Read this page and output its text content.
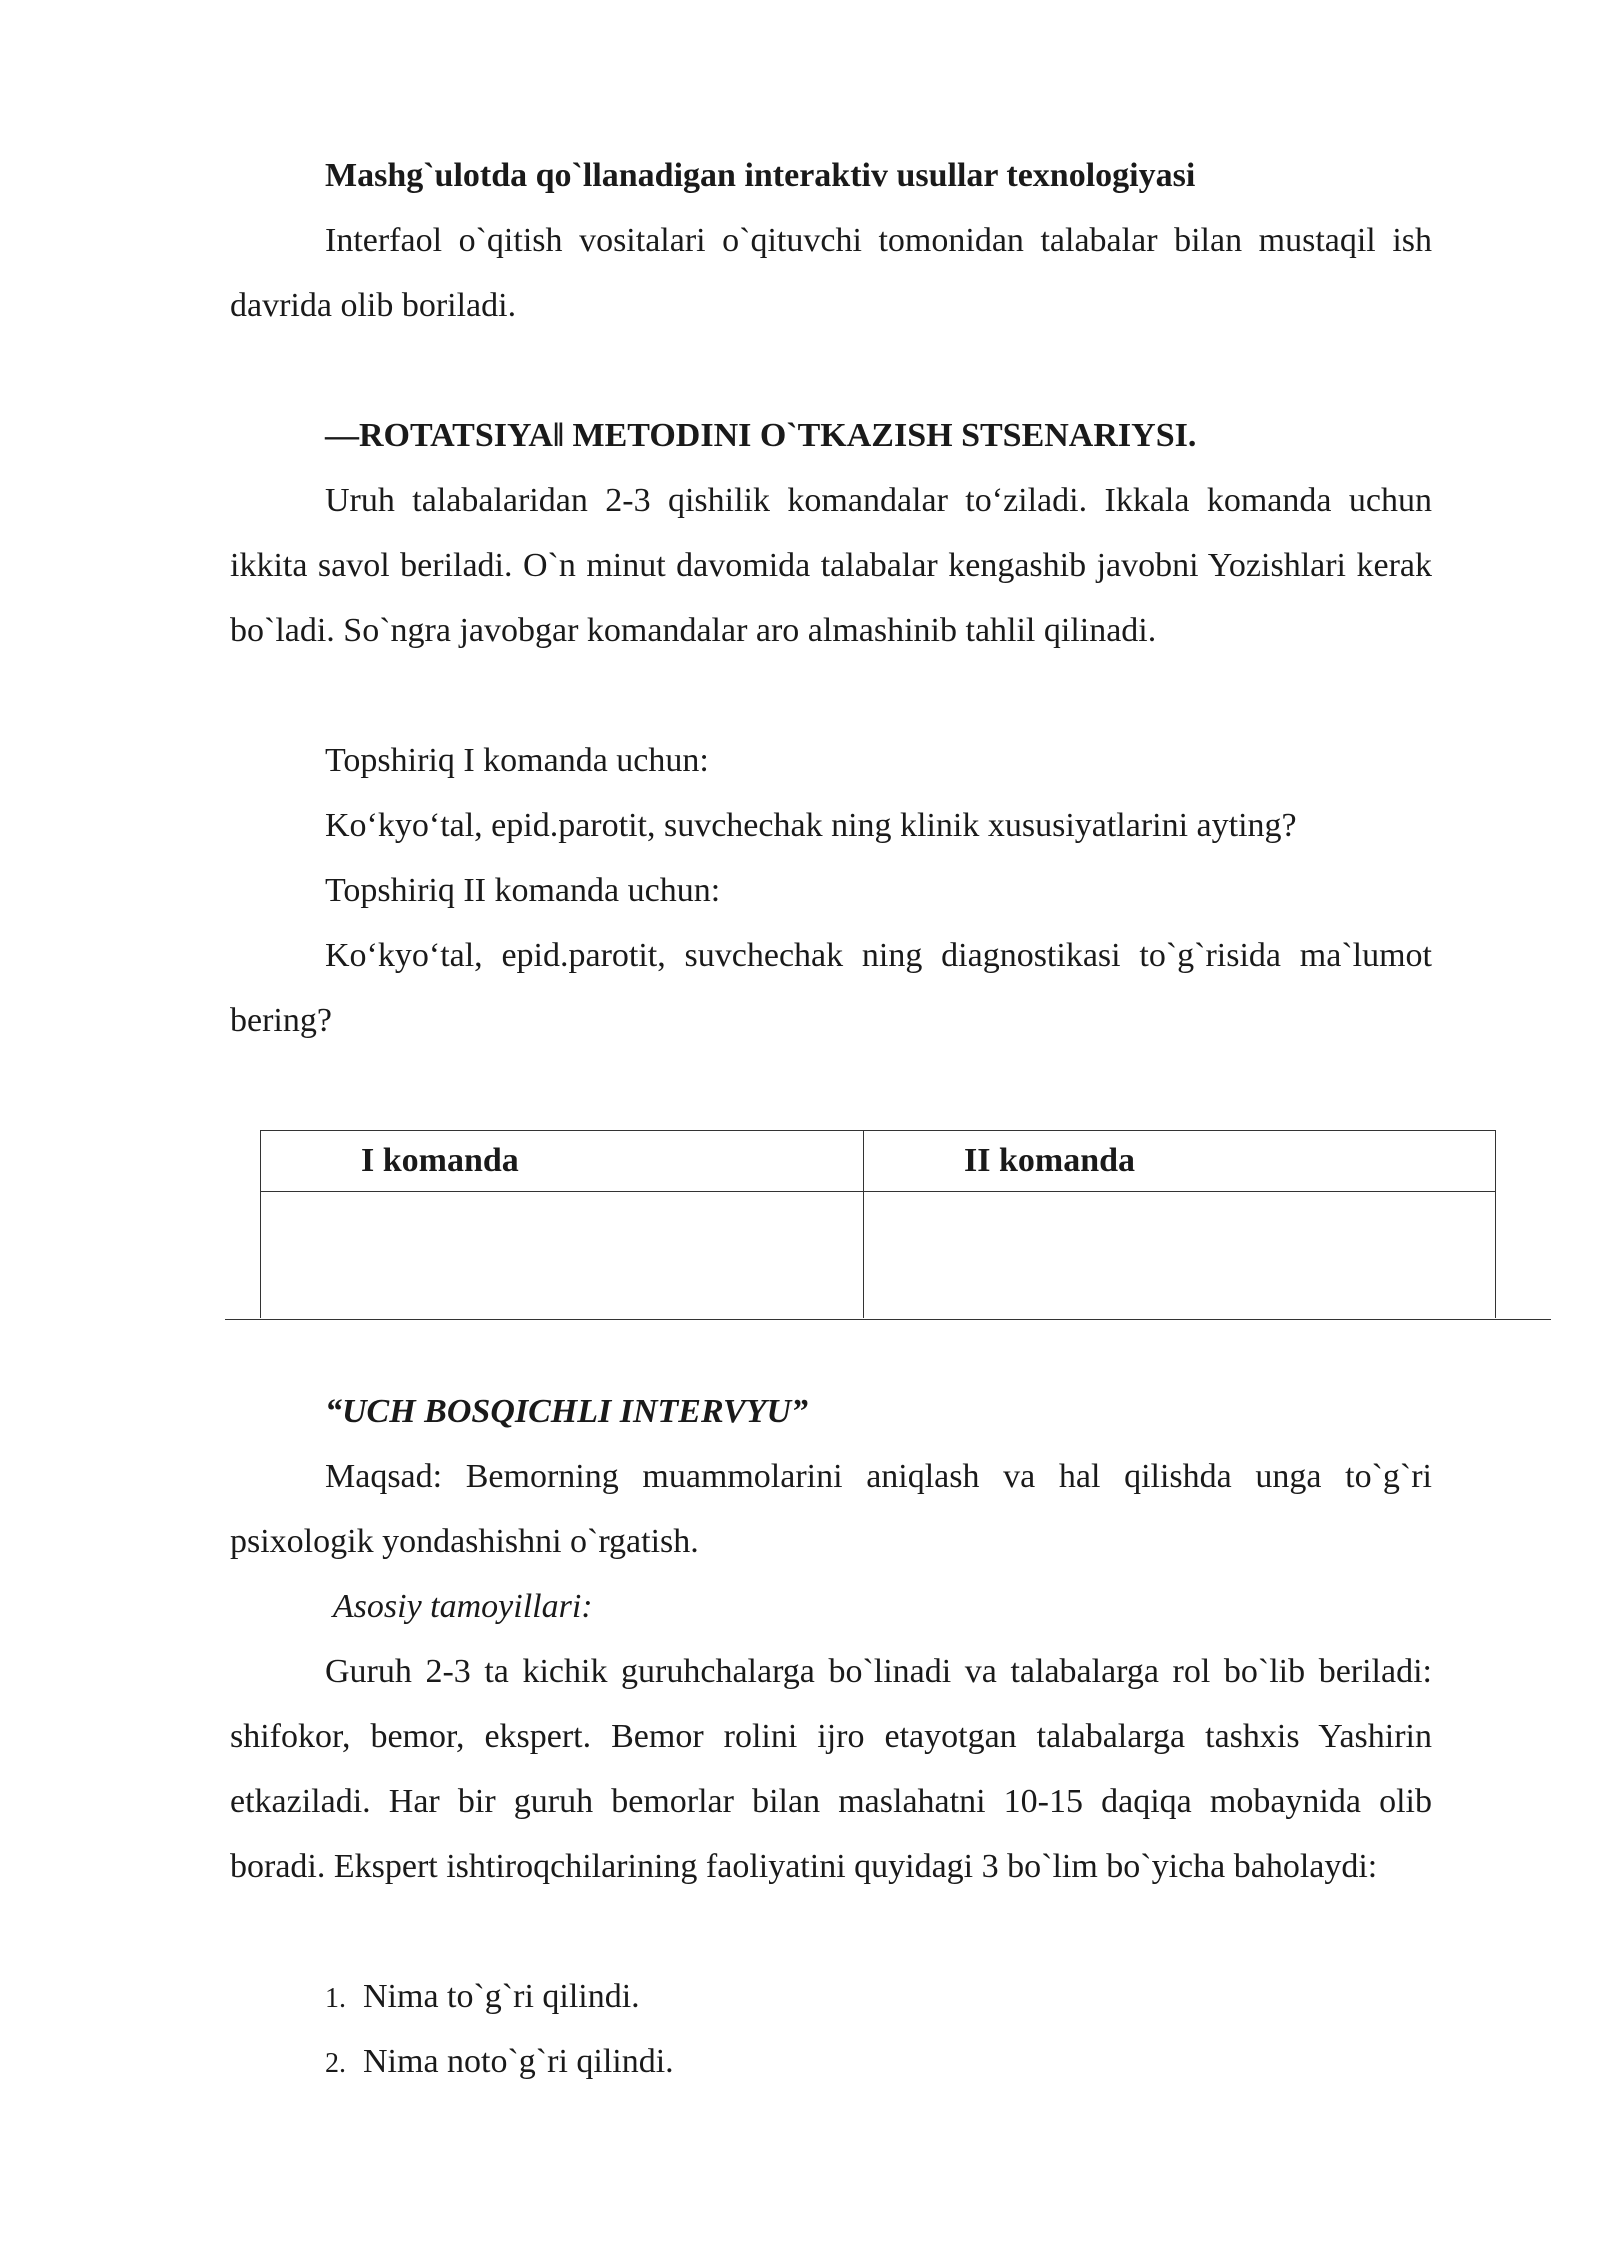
Mashg`ulotda qo`llanadigan interaktiv usullar texnologiyasi

Interfaol o`qitish vositalari o`qituvchi tomonidan talabalar bilan mustaqil ish davrida olib boriladi.

―ROTATSIYA‖ METODINI O`TKAZISH STSENARIYSI.

Uruh talabalaridan 2-3 qishilik komandalar to‘ziladi. Ikkala komanda uchun ikkita savol beriladi. O`n minut davomida talabalar kengashib javobni Yozishlari kerak bo`ladi. So`ngra javobgar komandalar aro almashinib tahlil qilinadi.

Topshiriq I komanda uchun:

Ko‘kyo‘tal, epid.parotit, suvchechak ning klinik xususiyatlarini ayting?

Topshiriq II komanda uchun:

Ko‘kyo‘tal, epid.parotit, suvchechak ning diagnostikasi to`g`risida ma`lumot bering?

I komanda	II komanda

“UCH BOSQICHLI INTERVYU”

Maqsad: Bemorning muammolarini aniqlash va hal qilishda unga to`g`ri psixologik yondashishni o`rgatish.

Asosiy tamoyillari:

Guruh 2-3 ta kichik guruhchalarga bo`linadi va talabalarga rol bo`lib beriladi: shifokor, bemor, ekspert. Bemor rolini ijro etayotgan talabalarga tashxis Yashirin etkaziladi. Har bir guruh bemorlar bilan maslahatni 10-15 daqiqa mobaynida olib boradi. Ekspert ishtiroqchilarining faoliyatini quyidagi 3 bo`lim bo`yicha baholaydi:

1. Nima to`g`ri qilindi.

2. Nima noto`g`ri qilindi.
